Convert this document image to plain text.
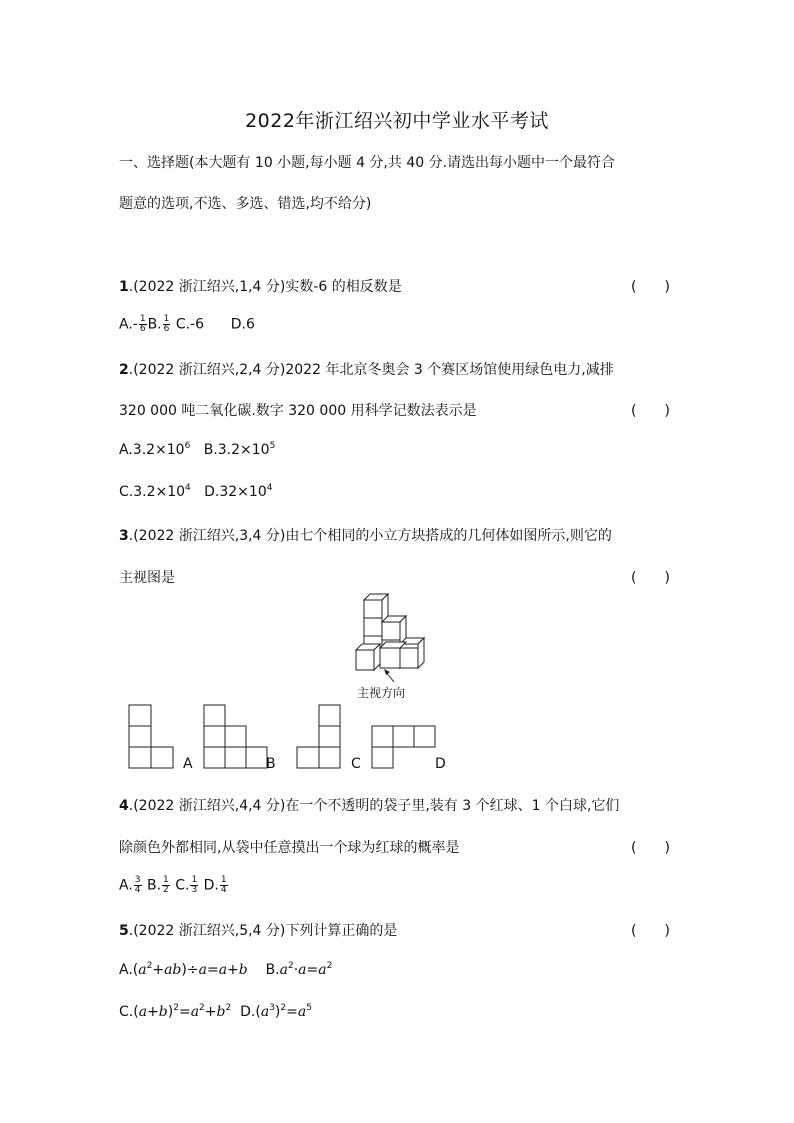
2022年浙江绍兴初中学业水平考试
一、选择题(本大题有 10 小题,每小题 4 分,共 40 分.请选出每小题中一个最符合
题意的选项,不选、多选、错选,均不给分)
1.(2022 浙江绍兴,1,4 分)实数-6 的相反数是	(　　)
$A.- \frac{1}{6} B$. $\frac{1}{6} C.-6$ D.6
2.(2022 浙江绍兴,2,4 分)2022 年北京冬奥会 3 个赛区场馆使用绿色电力,减排
320 000 吨二氧化碳.数字 320 000 用科学记数法表示是	(　　)
$A.3.2\times 10^6$ $B.3.2\times 10^5$
$C.3.2\times 10^4$ $D.32\times 10^4$
3.(2022 浙江绍兴,3,4 分)由七个相同的小立方块搭成的几何体如图所示,则它的
主视图是	(　　)
主视方向
A	B	C	D
4.(2022 浙江绍兴,4,4 分)在一个不透明的袋子里,装有 3 个红球、1 个白球,它们
除颜色外都相同,从袋中任意摸出一个球为红球的概率是	(　　)
A. $\frac{3}{4} B$. $\frac{1}{2} C$. $\frac{1}{3} D$. $\frac{1}{4}$
5.(2022 浙江绍兴,5,4 分)下列计算正确的是	(　　)
$A.(a^2+ab)\div a=a+b$ $B.a^2\cdot a=a^2$
$C.(a+b)^2=a^2+b^2$ $D.(a^3)^2=a^5$
